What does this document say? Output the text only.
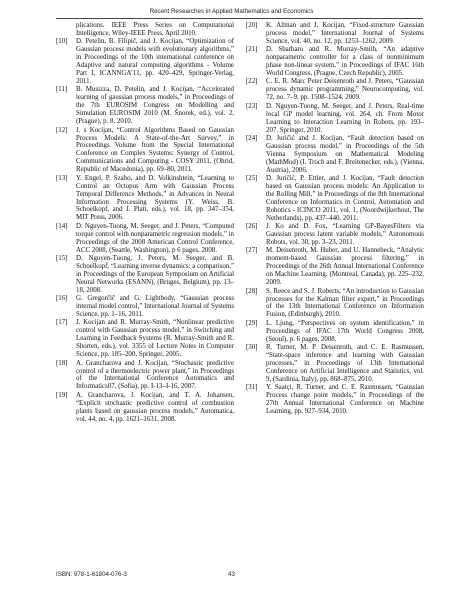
Recent Researches in Applied Mathematics and Economics
plications. IEEE Press Series on Computational Intelligence, Wiley-IEEE Press, April 2010.
[10] D. Petelin, B. Filipič, and J. Kocijan, “Optimization of Gaussian process models with evolutionary algorithms,” in Proceedings of the 10th international conference on Adaptive and natural computing algorithms - Volume Part I, ICANNGA’11, pp. 420–429, Springer-Verlag, 2011.
[11] B. Musizza, D. Petelin, and J. Kocijan, “Accelerated learning of gaussian process models,” in Proceedings of the 7th EUROSIM Congress on Modelling and Simulation EUROSIM 2010 (M. Šnorek, ed.), vol. 2, (Prague), p. 8, 2010.
[12] J. s Kocijan, “Control Algorithms Based on Gaussian Process Models: A State-of-the-Art Survey,” in Proceedings Volume from the Special International Conference on Complex Systems: Synergy of Control, Communications and Computing - COSY 2011, (Ohrid, Republic of Macedonia), pp. 69–80, 2011.
[13] Y. Engel, P. Szabo, and D. Volkinshtein, “Learning to Control an Octopus Arm with Gaussian Process Temporal Difference Methods,” in Advances in Neural Information Processing Systems (Y. Weiss, B. Schoelkopf, and J. Platt, eds.), vol. 18, pp. 347–354, MIT Press, 2006.
[14] D. Nguyen-Tuong, M. Seeger, and J. Peters, “Computed torque control with nonparametric regression models,” in Proceedings of the 2008 American Control Conference, ACC 2008, (Seattle, Washington), p 6 pages, 2008.
[15] D. Nguyen-Tuong, J. Peters, M. Seeger, and B. Schoelkopf, “Learning inverse dynamics: a comparison,” in Proceedings of the European Symposium on Artificial Neural Networks (ESANN), (Bruges, Belgium), pp. 13–18, 2008.
[16] G. Gregorčič and G. Lightbody, “Gaussian process internal model control,” International Journal of Systems Science, pp. 1–16, 2011.
[17] J. Kocijan and R. Murray-Smith, “Nonlinear predictive control with Gaussian process model,” in Switching and Learning in Feedback Systems (R. Murray-Smith and R. Shorten, eds.), vol. 3355 of Lecture Notes in Computer Science, pp. 185–200, Springer, 2005.
[18] A. Grancharova and J. Kocijan, “Stochastic predictive control of a thermoelectric power plant,” in Proceedings of the International Conference Automatics and Informatics07, (Sofia), pp. I-13–I-16, 2007.
[19] A. Grancharova, J. Kocijan, and T. A. Johansen, “Explicit stochastic predictive control of combustion plants based on gaussian process models,” Automatica, vol. 44, no. 4, pp. 1621–1631, 2008.
[20] K. Ažman and J. Kocijan, “Fixed-structure Gaussian process model,” International Journal of Systems Science, vol. 40, no. 12, pp. 1253–1262, 2009.
[21] D. Sbarbaro and R. Murray-Smith, “An adaptive nonparametric controller for a class of nonminimum phase non-linear system,” in Proceedings of IFAC 16th World Congress, (Prague, Czech Republic), 2005.
[22] C. E. R. Marc Peter Deisenroth and J. Peters, “Gaussian process dynamic programming,” Neurocomputing, vol. 72, no. 7–9, pp. 1508–1524, 2009.
[23] D. Nguyen-Tuong, M. Seeger, and J. Peters, Real-time local GP model learning, vol. 264, ch. From Motor Learning to Interaction Learning in Robots, pp. 193–207. Springer, 2010.
[24] D. Juričić and J. Kocijan, “Fault detection based on Gaussian process model,” in Proceedings of the 5th Vienna Symposium on Mathematical Modeling (MathMod) (I. Troch and F. Breitenecker, eds.), (Vienna, Austria), 2006.
[25] D. Juričić, P. Ettler, and J. Kocijan, “Fault detection based on Gaussian process models: An Application to the Rolling Mill,” in Proceedings of the 8th International Conference on Informatics in Control, Automation and Robotics - ICINCO 2011, vol. 1, (Noordwijkerhout, The Netherlands), pp. 437–440, 2011.
[26] J. Ko and D. Fox, “Learning GP-BayesFilters via Gaussian process latent variable models,” Autonomous Robots, vol. 30, pp. 3–23, 2011.
[27] M. Deisenroth, M. Huber, and U. Hannebeck, “Analytic moment-based Gaussian process filtering,” in Proceedings of the 26th Annual International Conference on Machine Learning, (Montreal, Canada), pp. 225–232, 2009.
[28] S. Reece and S. J. Roberts, “An introduction to Gaussian processes for the Kalman filter expert,” in Proceedings of the 13th International Conference on Information Fusion, (Edinburgh), 2010.
[29] L. Ljung, “Perspectives on system identification,” in Proceedings of IFAC 17th World Congress 2008, (Seoul), p. 6 pages, 2008.
[30] R. Turner, M. P. Deisenroth, and C. E. Rasmussen, “State-space inference and learning with Gaussian processes,” in Proceedings of 13th International Conference on Artificial Intelligence and Statistics, vol. 9, (Sardinia, Italy), pp. 868–875, 2010.
[31] Y. Saatçi, R. Turner, and C. E. Rasmussen, “Gaussian Process change point models,” in Proceedings of the 27th Annual International Conference on Machine Learning, pp. 927–934, 2010.
ISBN: 978-1-61804-076-3	43
